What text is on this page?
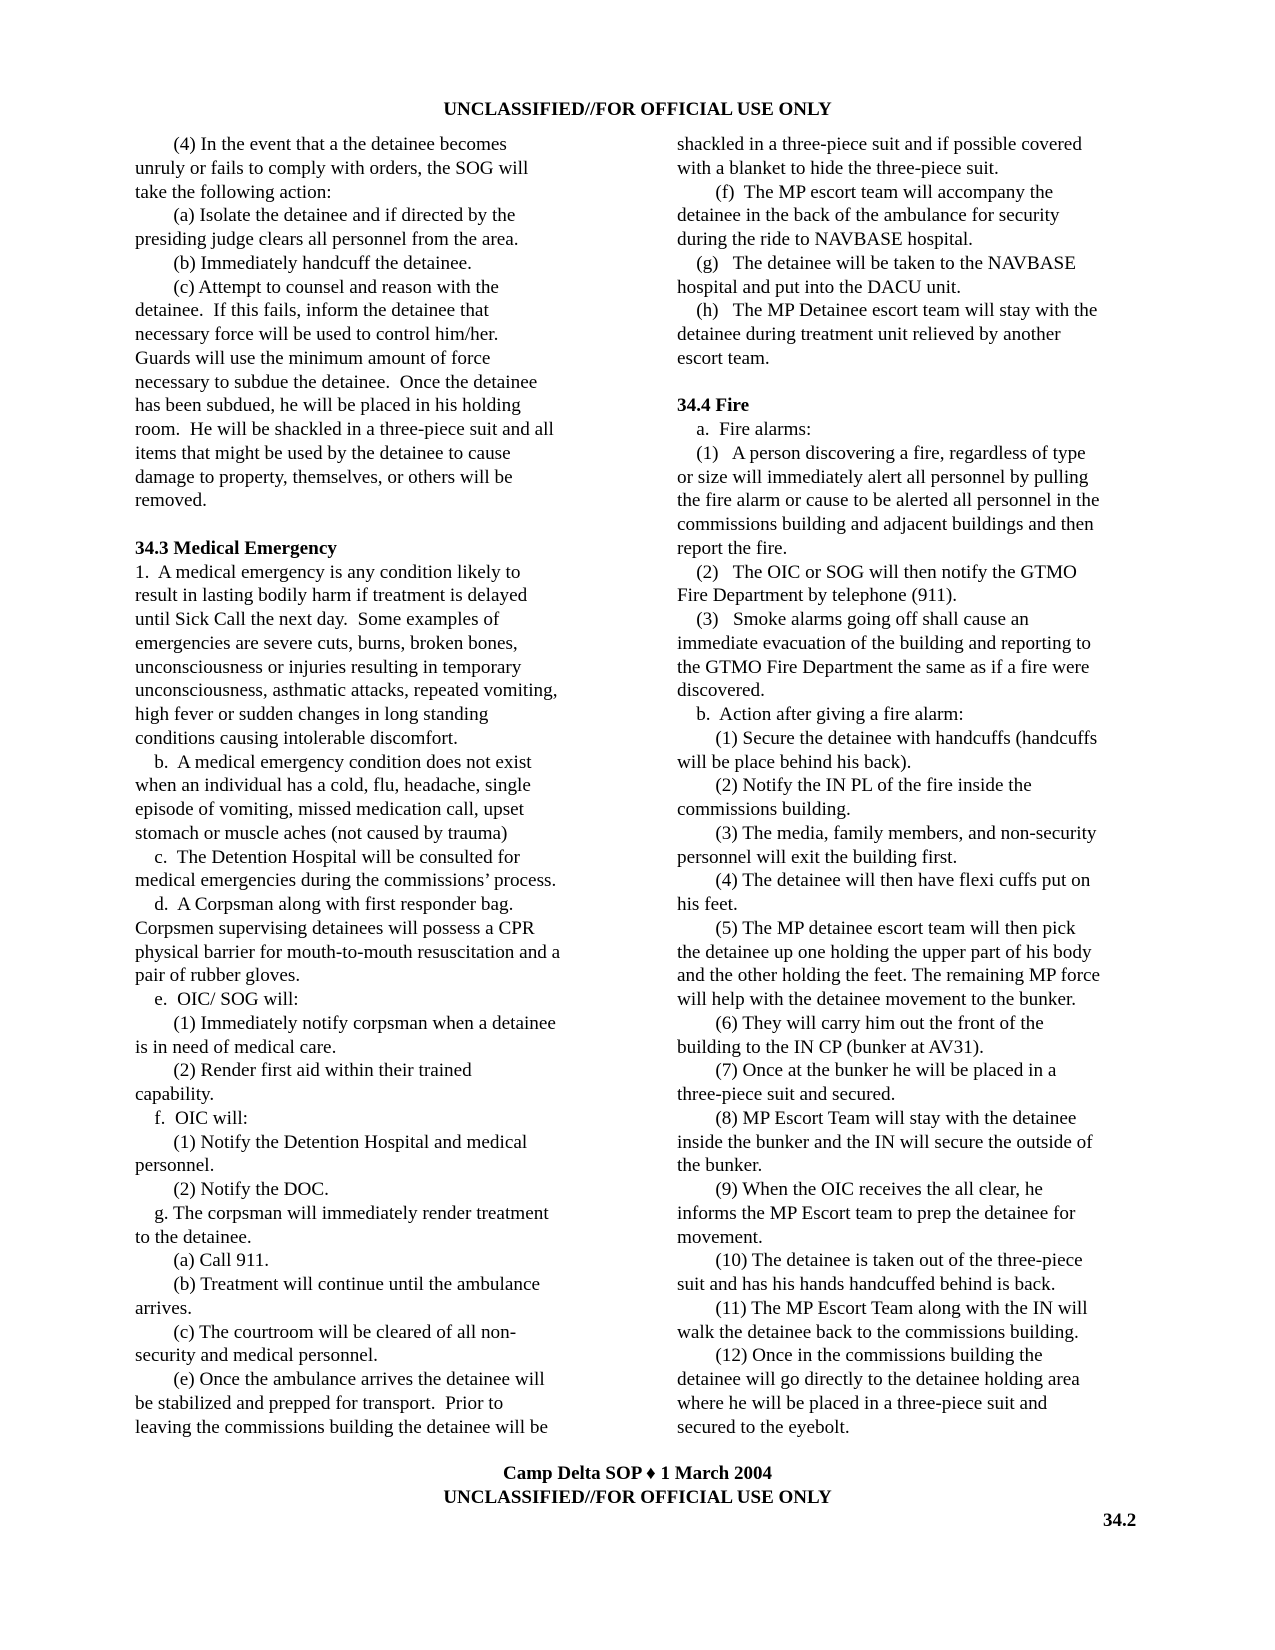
UNCLASSIFIED//FOR OFFICIAL USE ONLY

(4) In the event that a the detainee becomes

unruly or fails to comply with orders, the SOG will

take the following action:

(a) Isolate the detainee and if directed by the

presiding judge clears all personnel from the area.

(b) Immediately handcuff the detainee.

(c) Attempt to counsel and reason with the

detainee.  If this fails, inform the detainee that

necessary force will be used to control him/her.

Guards will use the minimum amount of force

necessary to subdue the detainee.  Once the detainee

has been subdued, he will be placed in his holding

room.  He will be shackled in a three-piece suit and all

items that might be used by the detainee to cause

damage to property, themselves, or others will be

removed.

34.3 Medical Emergency

1.  A medical emergency is any condition likely to

result in lasting bodily harm if treatment is delayed

until Sick Call the next day.  Some examples of

emergencies are severe cuts, burns, broken bones,

unconsciousness or injuries resulting in temporary

unconsciousness, asthmatic attacks, repeated vomiting,

high fever or sudden changes in long standing

conditions causing intolerable discomfort.

b.  A medical emergency condition does not exist

when an individual has a cold, flu, headache, single

episode of vomiting, missed medication call, upset

stomach or muscle aches (not caused by trauma)

c.  The Detention Hospital will be consulted for

medical emergencies during the commissions’ process.

d.  A Corpsman along with first responder bag.

Corpsmen supervising detainees will possess a CPR

physical barrier for mouth-to-mouth resuscitation and a

pair of rubber gloves.

e.  OIC/ SOG will:

(1) Immediately notify corpsman when a detainee

is in need of medical care.

(2) Render first aid within their trained

capability.

f.  OIC will:

(1) Notify the Detention Hospital and medical

personnel.

(2) Notify the DOC.

g. The corpsman will immediately render treatment

to the detainee.

(a) Call 911.

(b) Treatment will continue until the ambulance

arrives.

(c) The courtroom will be cleared of all non-

security and medical personnel.

(e) Once the ambulance arrives the detainee will

be stabilized and prepped for transport.  Prior to

leaving the commissions building the detainee will be

shackled in a three-piece suit and if possible covered

with a blanket to hide the three-piece suit.

(f)  The MP escort team will accompany the

detainee in the back of the ambulance for security

during the ride to NAVBASE hospital.

(g)   The detainee will be taken to the NAVBASE

hospital and put into the DACU unit.

(h)   The MP Detainee escort team will stay with the

detainee during treatment unit relieved by another

escort team.

34.4 Fire

a.  Fire alarms:

(1)   A person discovering a fire, regardless of type

or size will immediately alert all personnel by pulling

the fire alarm or cause to be alerted all personnel in the

commissions building and adjacent buildings and then

report the fire.

(2)   The OIC or SOG will then notify the GTMO

Fire Department by telephone (911).

(3)   Smoke alarms going off shall cause an

immediate evacuation of the building and reporting to

the GTMO Fire Department the same as if a fire were

discovered.

b.  Action after giving a fire alarm:

(1) Secure the detainee with handcuffs (handcuffs

will be place behind his back).

(2) Notify the IN PL of the fire inside the

commissions building.

(3) The media, family members, and non-security

personnel will exit the building first.

(4) The detainee will then have flexi cuffs put on

his feet.

(5) The MP detainee escort team will then pick

the detainee up one holding the upper part of his body

and the other holding the feet. The remaining MP force

will help with the detainee movement to the bunker.

(6) They will carry him out the front of the

building to the IN CP (bunker at AV31).

(7) Once at the bunker he will be placed in a

three-piece suit and secured.

(8) MP Escort Team will stay with the detainee

inside the bunker and the IN will secure the outside of

the bunker.

(9) When the OIC receives the all clear, he

informs the MP Escort team to prep the detainee for

movement.

(10) The detainee is taken out of the three-piece

suit and has his hands handcuffed behind is back.

(11) The MP Escort Team along with the IN will

walk the detainee back to the commissions building.

(12) Once in the commissions building the

detainee will go directly to the detainee holding area

where he will be placed in a three-piece suit and

secured to the eyebolt.

Camp Delta SOP ♦ 1 March 2004
UNCLASSIFIED//FOR OFFICIAL USE ONLY
34.2
